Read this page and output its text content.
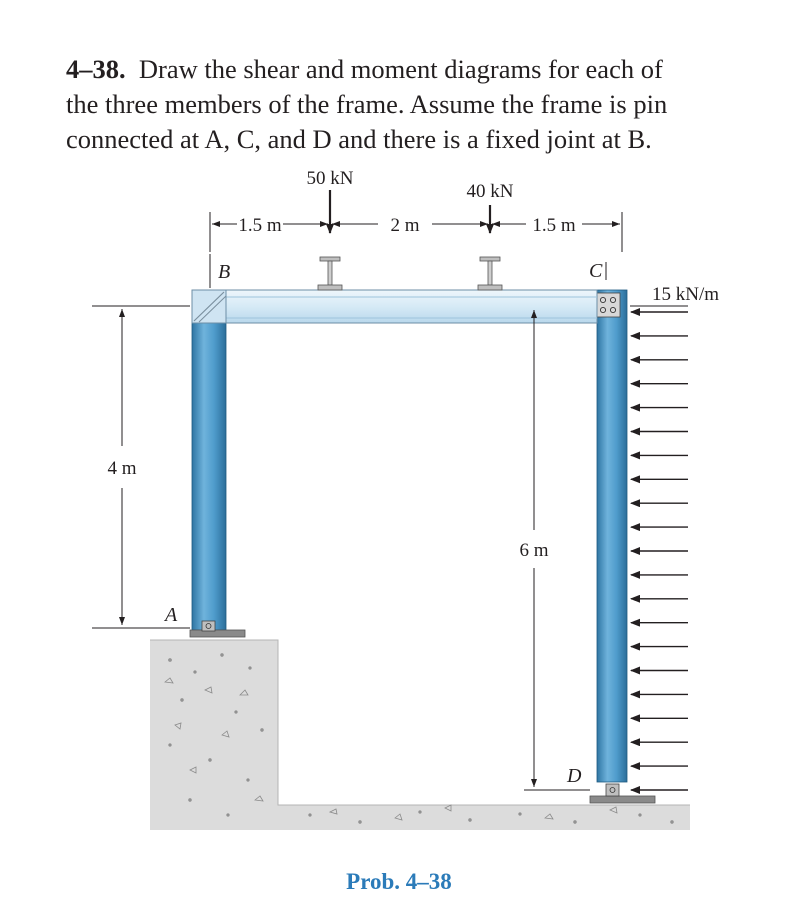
4–38. Draw the shear and moment diagrams for each of
the three members of the frame. Assume the frame is pin
connected at A, C, and D and there is a fixed joint at B.
50 kN
40 kN
1.5 m	2 m	1.5 m
4 m
6 m
15 kN/m
B	C
A
D
Prob. 4–38
